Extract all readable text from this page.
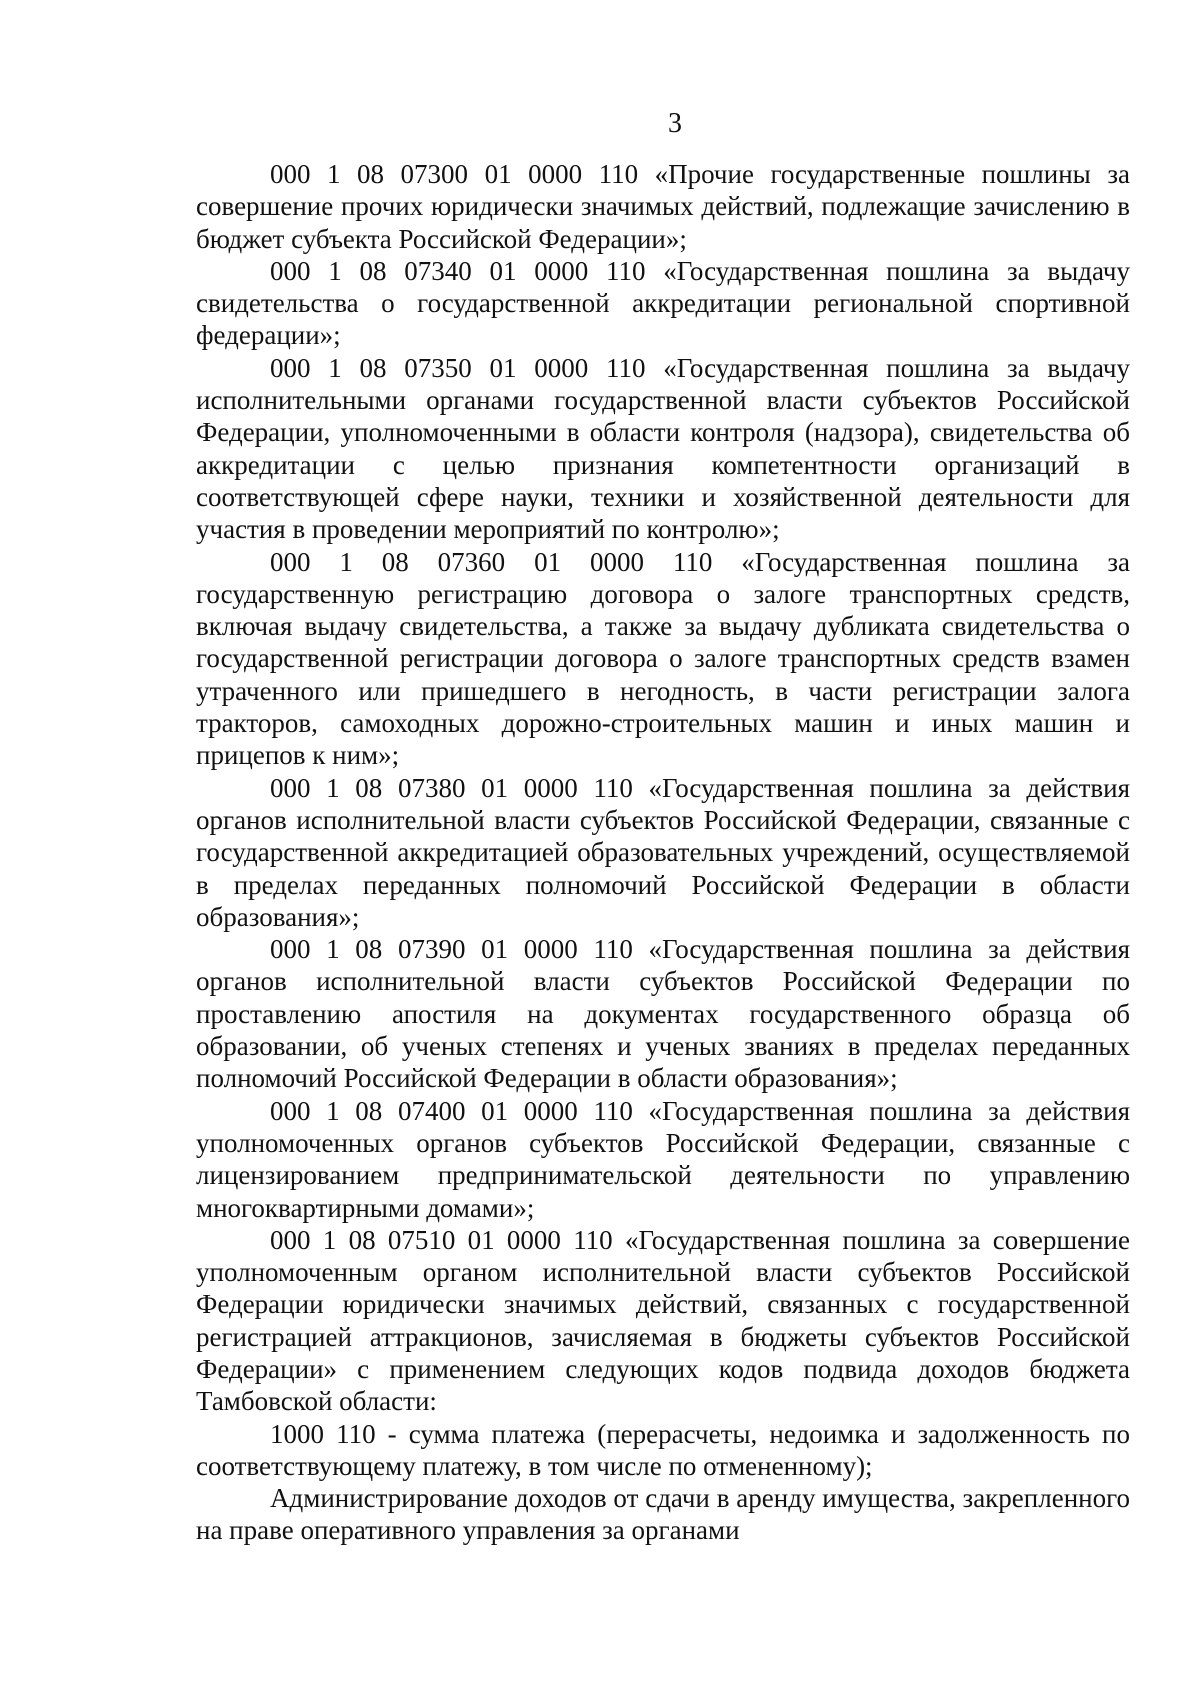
3

000 1 08 07300 01 0000 110 «Прочие государственные пошлины за совершение прочих юридически значимых действий, подлежащие зачислению в бюджет субъекта Российской Федерации»;

000 1 08 07340 01 0000 110 «Государственная пошлина за выдачу свидетельства о государственной аккредитации региональной спортивной федерации»;

000 1 08 07350 01 0000 110 «Государственная пошлина за выдачу исполнительными органами государственной власти субъектов Российской Федерации, уполномоченными в области контроля (надзора), свидетельства об аккредитации с целью признания компетентности организаций в соответствующей сфере науки, техники и хозяйственной деятельности для участия в проведении мероприятий по контролю»;

000 1 08 07360 01 0000 110 «Государственная пошлина за государственную регистрацию договора о залоге транспортных средств, включая выдачу свидетельства, а также за выдачу дубликата свидетельства о государственной регистрации договора о залоге транспортных средств взамен утраченного или пришедшего в негодность, в части регистрации залога тракторов, самоходных дорожно-строительных машин и иных машин и прицепов к ним»;

000 1 08 07380 01 0000 110 «Государственная пошлина за действия органов исполнительной власти субъектов Российской Федерации, связанные с государственной аккредитацией образовательных учреждений, осуществляемой в пределах переданных полномочий Российской Федерации в области образования»;

000 1 08 07390 01 0000 110 «Государственная пошлина за действия органов исполнительной власти субъектов Российской Федерации по проставлению апостиля на документах государственного образца об образовании, об ученых степенях и ученых званиях в пределах переданных полномочий Российской Федерации в области образования»;

000 1 08 07400 01 0000 110 «Государственная пошлина за действия уполномоченных органов субъектов Российской Федерации, связанные с лицензированием предпринимательской деятельности по управлению многоквартирными домами»;

000 1 08 07510 01 0000 110 «Государственная пошлина за совершение уполномоченным органом исполнительной власти субъектов Российской Федерации юридически значимых действий, связанных с государственной регистрацией аттракционов, зачисляемая в бюджеты субъектов Российской Федерации» с применением следующих кодов подвида доходов бюджета Тамбовской области:

1000 110 - сумма платежа (перерасчеты, недоимка и задолженность по соответствующему платежу, в том числе по отмененному);

Администрирование доходов от сдачи в аренду имущества, закрепленного на праве оперативного управления за органами
